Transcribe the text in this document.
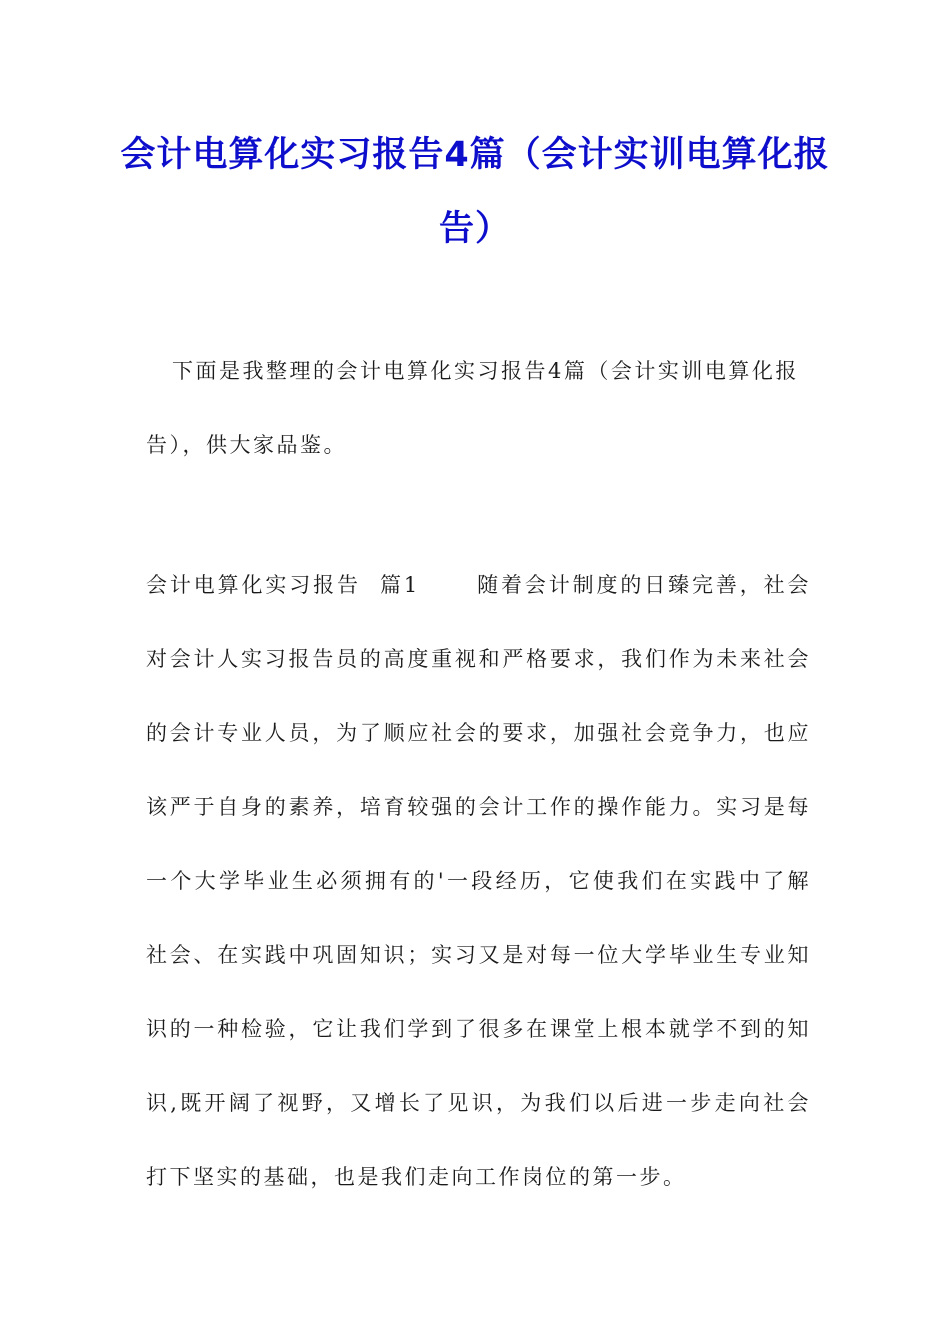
会计电算化实习报告4篇（会计实训电算化报告）
下面是我整理的会计电算化实习报告4篇（会计实训电算化报告），供大家品鉴。
会计电算化实习报告  篇1	随着会计制度的日臻完善，社会对会计人实习报告员的高度重视和严格要求，我们作为未来社会的会计专业人员，为了顺应社会的要求，加强社会竞争力，也应该严于自身的素养，培育较强的会计工作的操作能力。实习是每一个大学毕业生必须拥有的'一段经历，它使我们在实践中了解社会、在实践中巩固知识；实习又是对每一位大学毕业生专业知识的一种检验，它让我们学到了很多在课堂上根本就学不到的知识,既开阔了视野，又增长了见识，为我们以后进一步走向社会打下坚实的基础，也是我们走向工作岗位的第一步。
